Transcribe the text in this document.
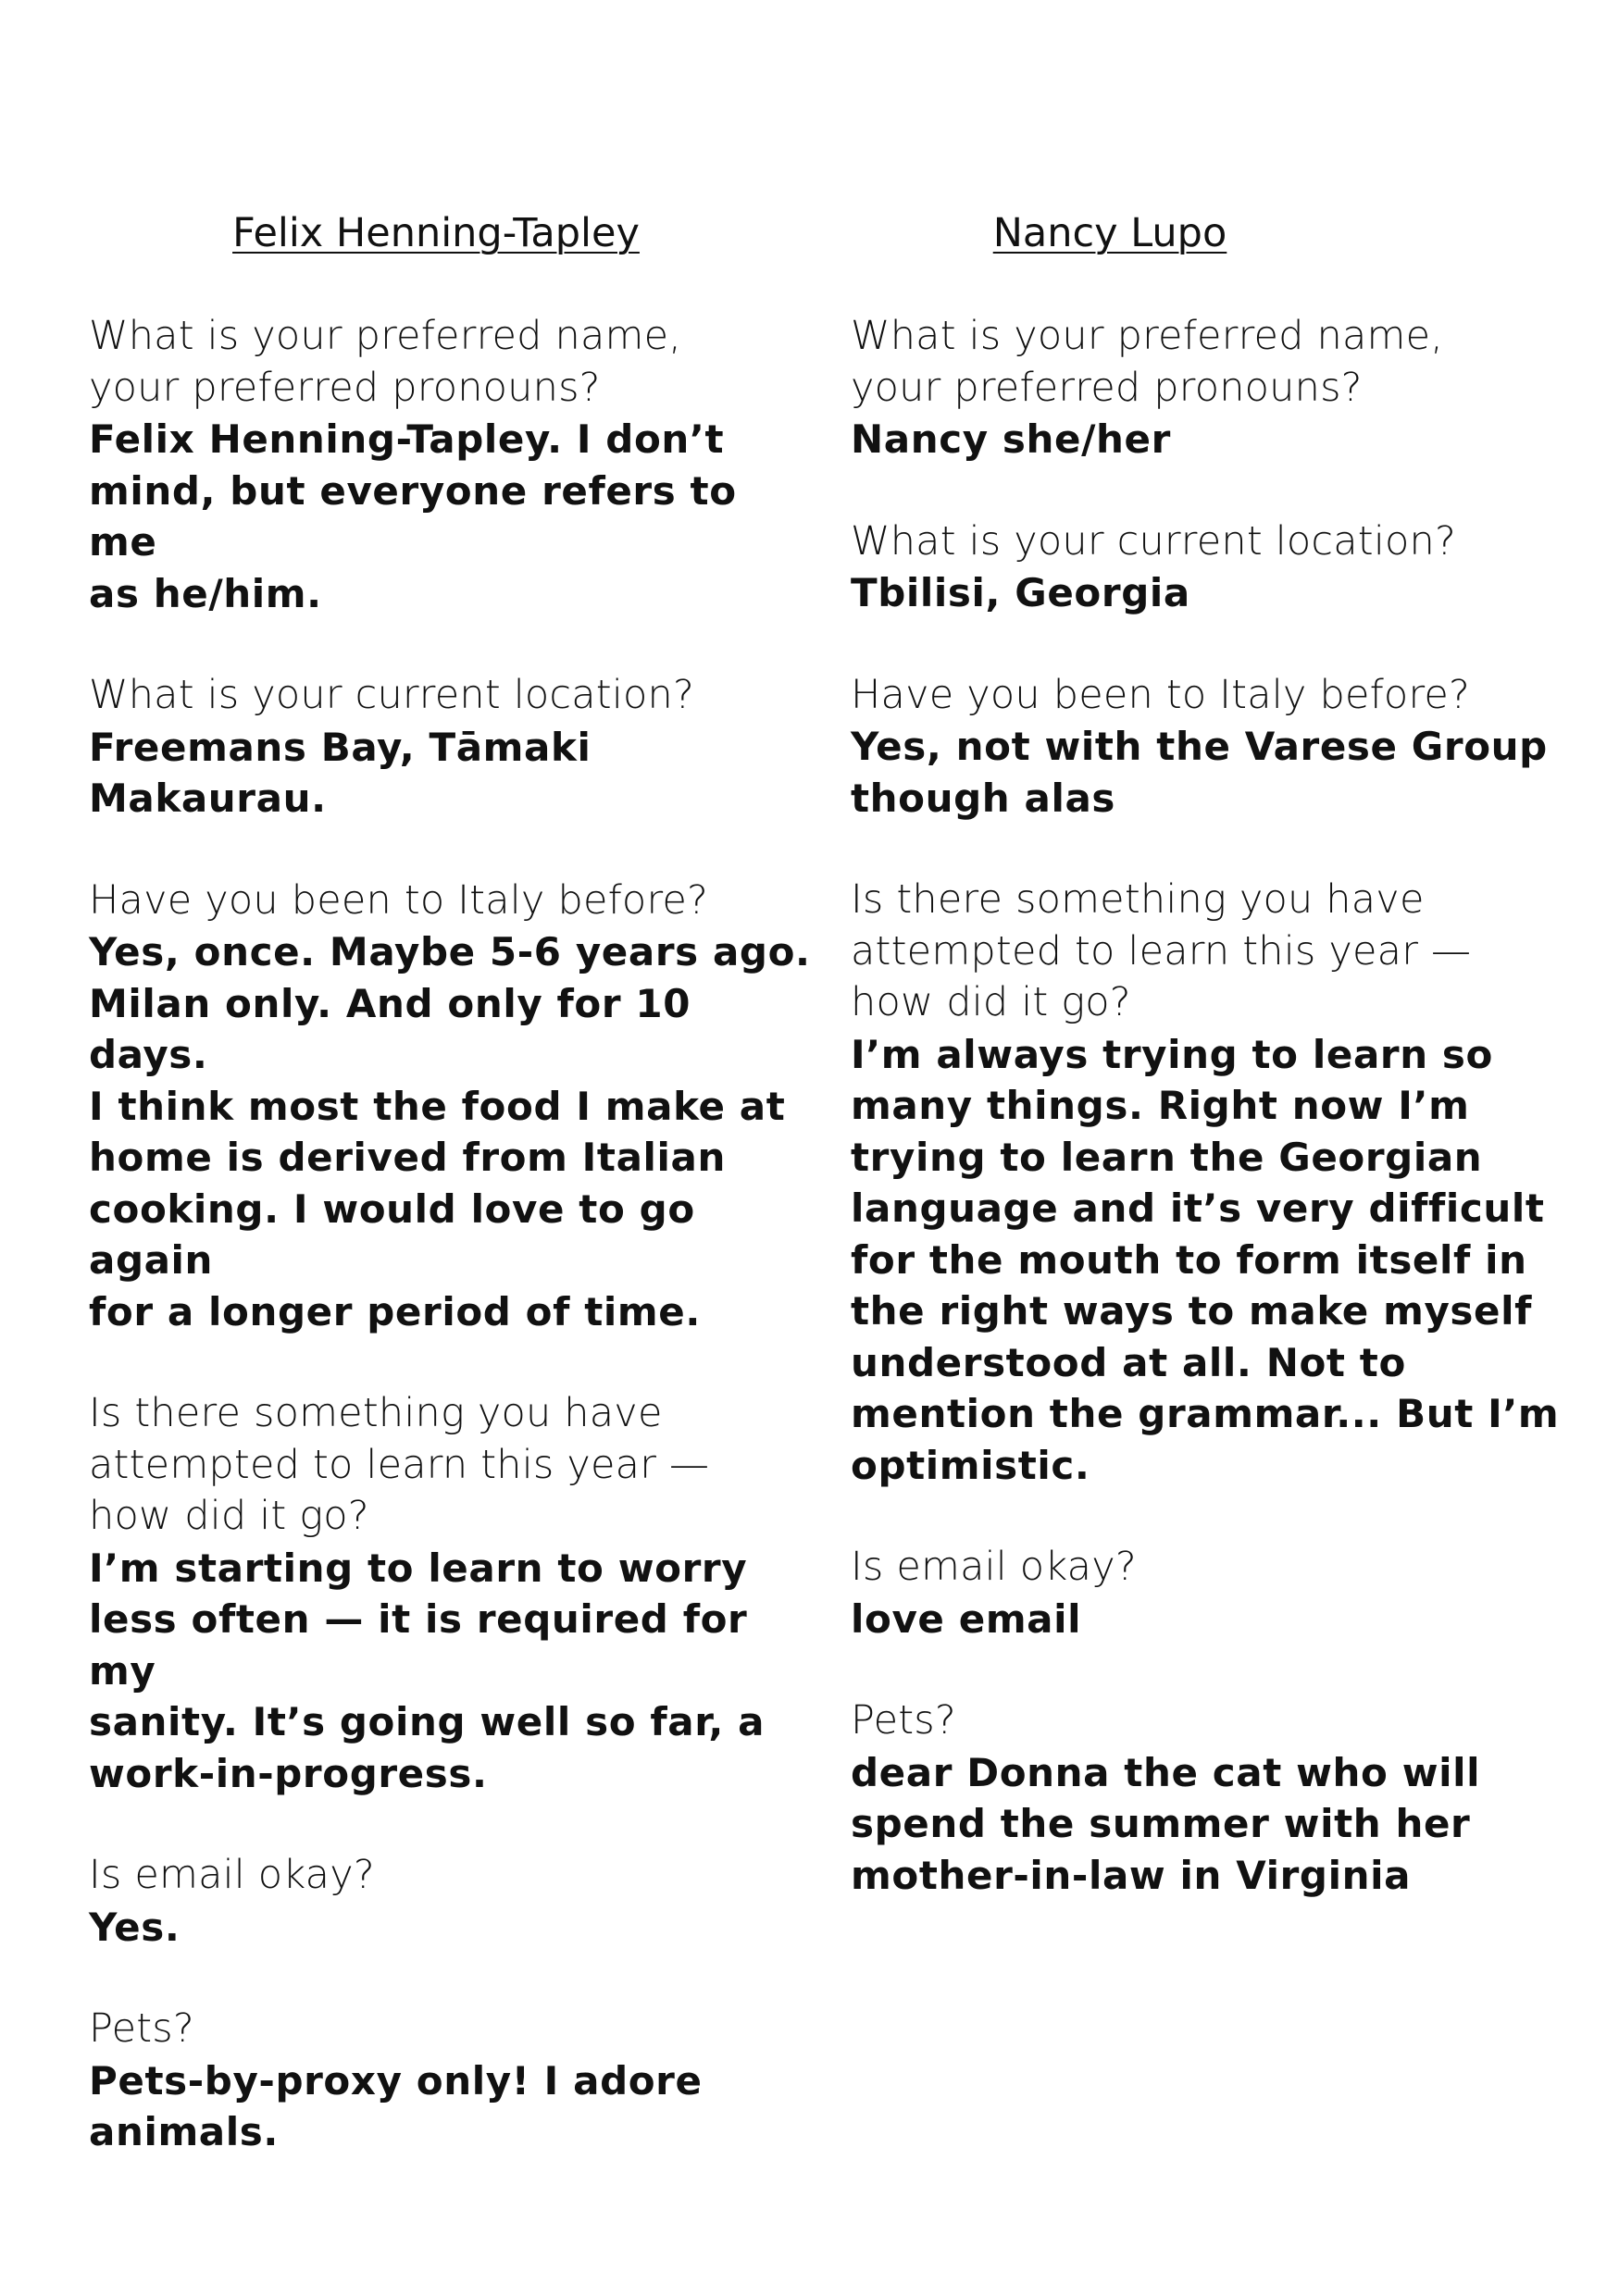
Felix Henning-Tapley
What is your preferred name,
your preferred pronouns?
Felix Henning-Tapley. I don’t
mind, but everyone refers to me
as he/him.
What is your current location?
Freemans Bay, Tāmaki Makaurau.
Have you been to Italy before?
Yes, once. Maybe 5-6 years ago.
Milan only. And only for 10 days.
I think most the food I make at
home is derived from Italian
cooking. I would love to go again
for a longer period of time.
Is there something you have
attempted to learn this year —
how did it go?
I’m starting to learn to worry
less often — it is required for my
sanity. It’s going well so far, a
work-in-progress.
Is email okay?
Yes.
Pets?
Pets-by-proxy only! I adore
animals.
Nancy Lupo
What is your preferred name,
your preferred pronouns?
Nancy she/her
What is your current location?
Tbilisi, Georgia
Have you been to Italy before?
Yes, not with the Varese Group
though alas
Is there something you have
attempted to learn this year —
how did it go?
I’m always trying to learn so
many things. Right now I’m
trying to learn the Georgian
language and it’s very difficult
for the mouth to form itself in
the right ways to make myself
understood at all. Not to
mention the grammar... But I’m
optimistic.
Is email okay?
love email
Pets?
dear Donna the cat who will
spend the summer with her
mother-in-law in Virginia
